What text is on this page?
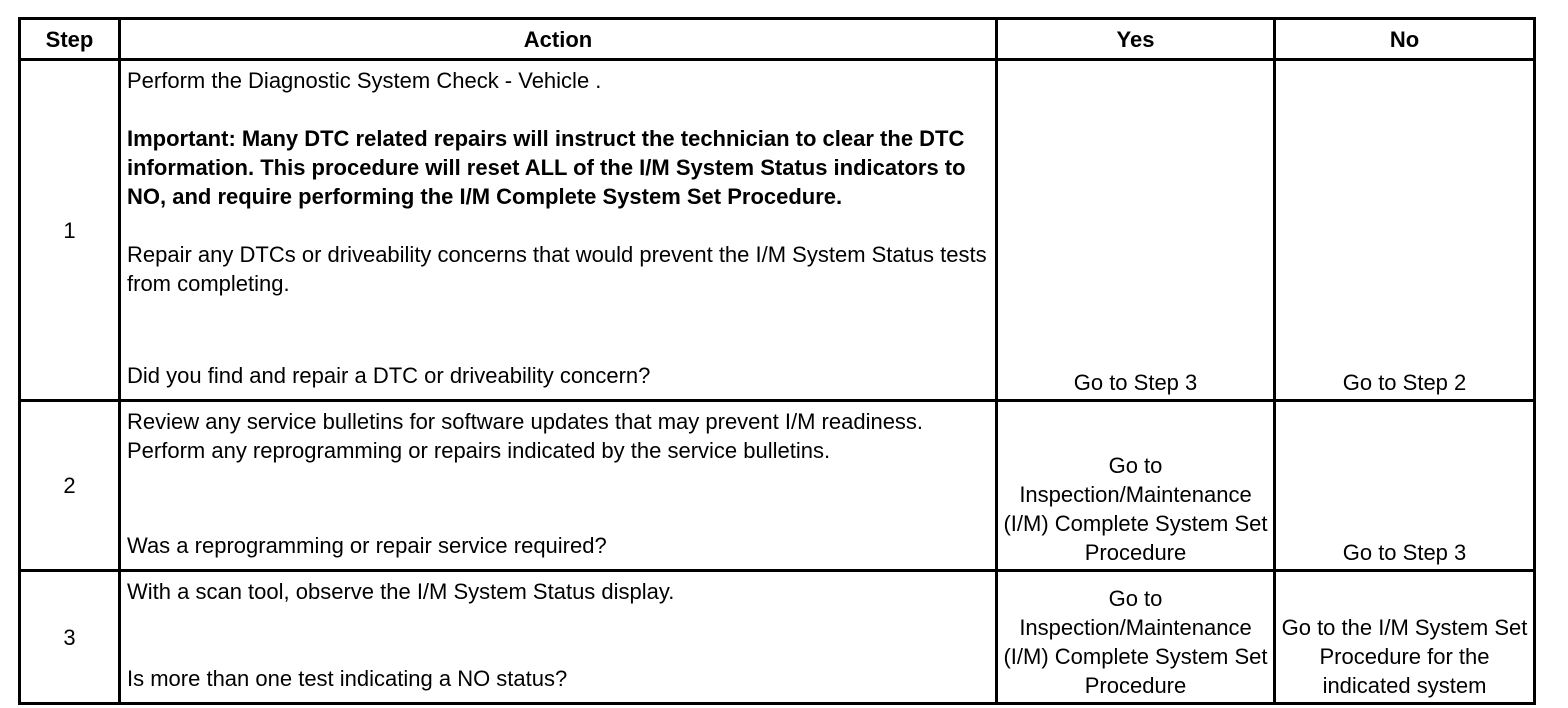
Step	Action	Yes	No
1	Perform the Diagnostic System Check - Vehicle .

Important: Many DTC related repairs will instruct the technician to clear the DTC information. This procedure will reset ALL of the I/M System Status indicators to NO, and require performing the I/M Complete System Set Procedure.

Repair any DTCs or driveability concerns that would prevent the I/M System Status tests from completing.

Did you find and repair a DTC or driveability concern?	Go to Step 3	Go to Step 2
2	Review any service bulletins for software updates that may prevent I/M readiness. Perform any reprogramming or repairs indicated by the service bulletins.

Was a reprogramming or repair service required?	Go to Inspection/Maintenance (I/M) Complete System Set Procedure	Go to Step 3
3	With a scan tool, observe the I/M System Status display.

Is more than one test indicating a NO status?	Go to Inspection/Maintenance (I/M) Complete System Set Procedure	Go to the I/M System Set Procedure for the indicated system
